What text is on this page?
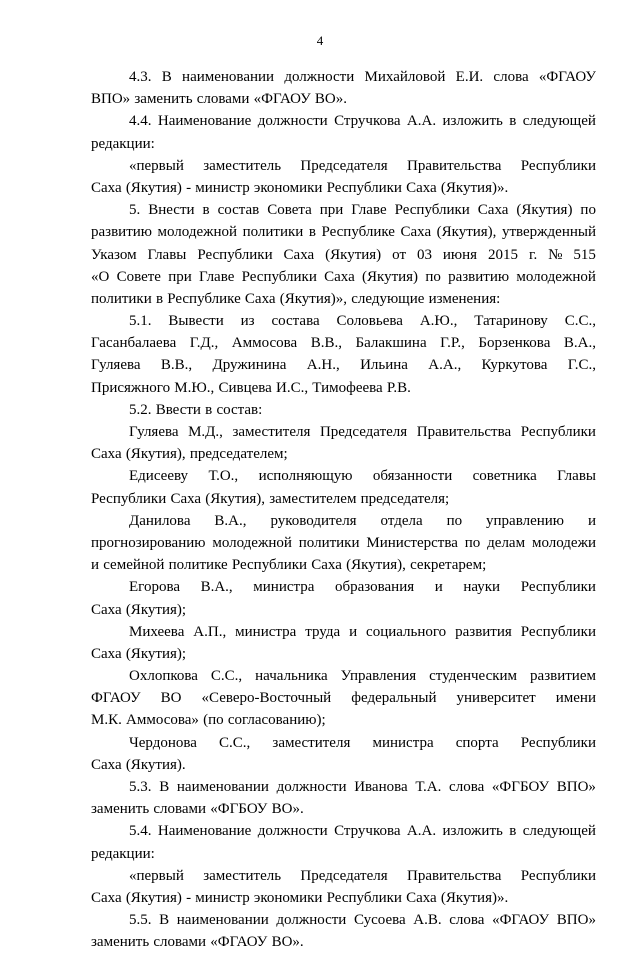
4
4.3. В наименовании должности Михайловой Е.И. слова «ФГАОУ
ВПО» заменить словами «ФГАОУ ВО».
4.4. Наименование должности Стручкова А.А. изложить в следующей
редакции:
«первый заместитель Председателя Правительства Республики
Саха (Якутия) - министр экономики Республики Саха (Якутия)».
5. Внести в состав Совета при Главе Республики Саха (Якутия) по
развитию молодежной политики в Республике Саха (Якутия), утвержденный
Указом Главы Республики Саха (Якутия) от 03 июня 2015 г. № 515
«О Совете при Главе Республики Саха (Якутия) по развитию молодежной
политики в Республике Саха (Якутия)», следующие изменения:
5.1. Вывести из состава Соловьева А.Ю., Татаринову С.С.,
Гасанбалаева Г.Д., Аммосова В.В., Балакшина Г.Р., Борзенкова В.А.,
Гуляева В.В., Дружинина А.Н., Ильина А.А., Куркутова Г.С.,
Присяжного М.Ю., Сивцева И.С., Тимофеева Р.В.
5.2. Ввести в состав:
Гуляева М.Д., заместителя Председателя Правительства Республики
Саха (Якутия), председателем;
Едисееву Т.О., исполняющую обязанности советника Главы
Республики Саха (Якутия), заместителем председателя;
Данилова В.А., руководителя отдела по управлению и
прогнозированию молодежной политики Министерства по делам молодежи
и семейной политике Республики Саха (Якутия), секретарем;
Егорова В.А., министра образования и науки Республики
Саха (Якутия);
Михеева А.П., министра труда и социального развития Республики
Саха (Якутия);
Охлопкова С.С., начальника Управления студенческим развитием
ФГАОУ ВО «Северо-Восточный федеральный университет имени
М.К. Аммосова» (по согласованию);
Чердонова С.С., заместителя министра спорта Республики
Саха (Якутия).
5.3. В наименовании должности Иванова Т.А. слова «ФГБОУ ВПО»
заменить словами «ФГБОУ ВО».
5.4. Наименование должности Стручкова А.А. изложить в следующей
редакции:
«первый заместитель Председателя Правительства Республики
Саха (Якутия) - министр экономики Республики Саха (Якутия)».
5.5. В наименовании должности Сусоева А.В. слова «ФГАОУ ВПО»
заменить словами «ФГАОУ ВО».
